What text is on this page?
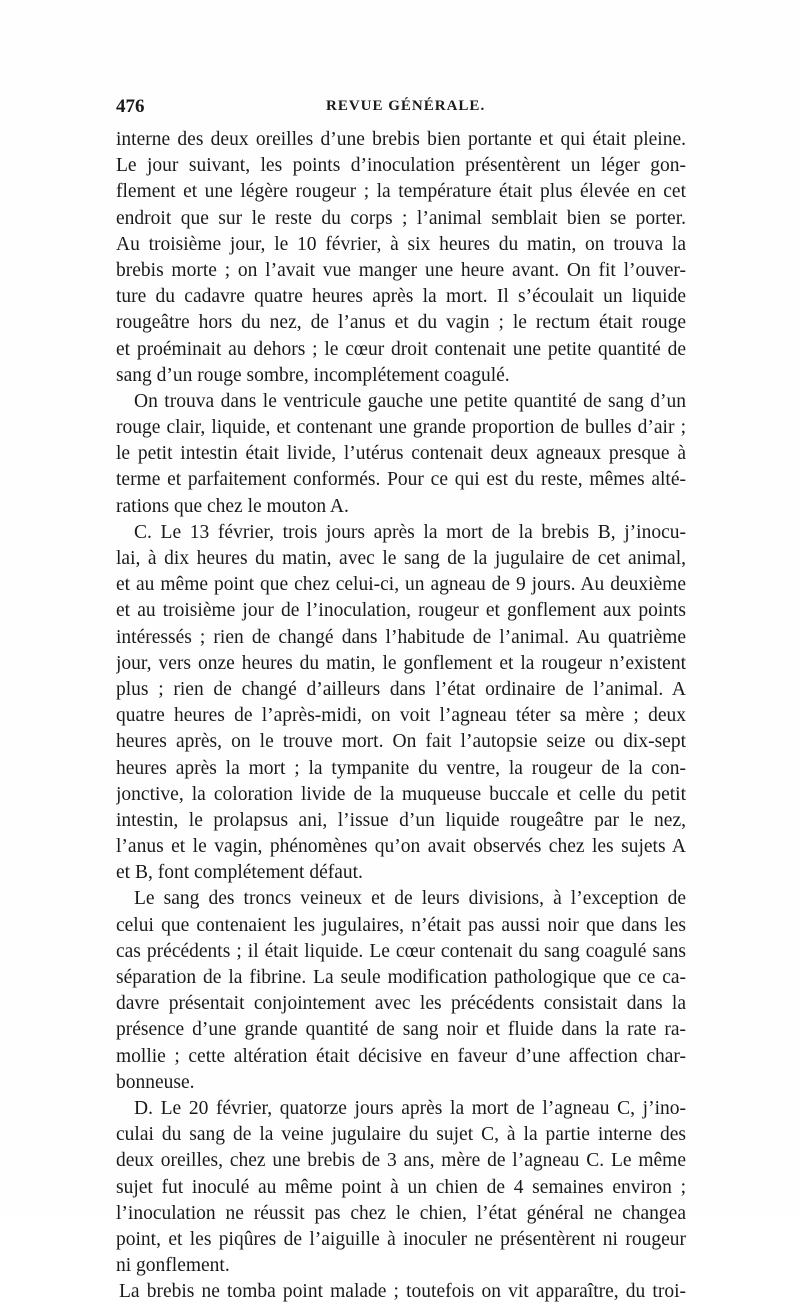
476	REVUE GÉNÉRALE.
interne des deux oreilles d’une brebis bien portante et qui était pleine.
Le jour suivant, les points d’inoculation présentèrent un léger gon-
flement et une légère rougeur ; la température était plus élevée en cet
endroit que sur le reste du corps ; l’animal semblait bien se porter.
Au troisième jour, le 10 février, à six heures du matin, on trouva la
brebis morte ; on l’avait vue manger une heure avant. On fit l’ouver-
ture du cadavre quatre heures après la mort. Il s’écoulait un liquide
rougeâtre hors du nez, de l’anus et du vagin ; le rectum était rouge
et proéminait au dehors ; le cœur droit contenait une petite quantité de
sang d’un rouge sombre, incomplétement coagulé.
On trouva dans le ventricule gauche une petite quantité de sang d’un
rouge clair, liquide, et contenant une grande proportion de bulles d’air ;
le petit intestin était livide, l’utérus contenait deux agneaux presque à
terme et parfaitement conformés. Pour ce qui est du reste, mêmes alté-
rations que chez le mouton A.
C. Le 13 février, trois jours après la mort de la brebis B, j’inocu-
lai, à dix heures du matin, avec le sang de la jugulaire de cet animal,
et au même point que chez celui-ci, un agneau de 9 jours. Au deuxième
et au troisième jour de l’inoculation, rougeur et gonflement aux points
intéressés ; rien de changé dans l’habitude de l’animal. Au quatrième
jour, vers onze heures du matin, le gonflement et la rougeur n’existent
plus ; rien de changé d’ailleurs dans l’état ordinaire de l’animal. A
quatre heures de l’après-midi, on voit l’agneau téter sa mère ; deux
heures après, on le trouve mort. On fait l’autopsie seize ou dix-sept
heures après la mort ; la tympanite du ventre, la rougeur de la con-
jonctive, la coloration livide de la muqueuse buccale et celle du petit
intestin, le prolapsus ani, l’issue d’un liquide rougeâtre par le nez,
l’anus et le vagin, phénomènes qu’on avait observés chez les sujets A
et B, font complétement défaut.
Le sang des troncs veineux et de leurs divisions, à l’exception de
celui que contenaient les jugulaires, n’était pas aussi noir que dans les
cas précédents ; il était liquide. Le cœur contenait du sang coagulé sans
séparation de la fibrine. La seule modification pathologique que ce ca-
davre présentait conjointement avec les précédents consistait dans la
présence d’une grande quantité de sang noir et fluide dans la rate ra-
mollie ; cette altération était décisive en faveur d’une affection char-
bonneuse.
D. Le 20 février, quatorze jours après la mort de l’agneau C, j’ino-
culai du sang de la veine jugulaire du sujet C, à la partie interne des
deux oreilles, chez une brebis de 3 ans, mère de l’agneau C. Le même
sujet fut inoculé au même point à un chien de 4 semaines environ ;
l’inoculation ne réussit pas chez le chien, l’état général ne changea
point, et les piqûres de l’aiguille à inoculer ne présentèrent ni rougeur
ni gonflement.
La brebis ne tomba point malade ; toutefois on vit apparaître, du troi-
